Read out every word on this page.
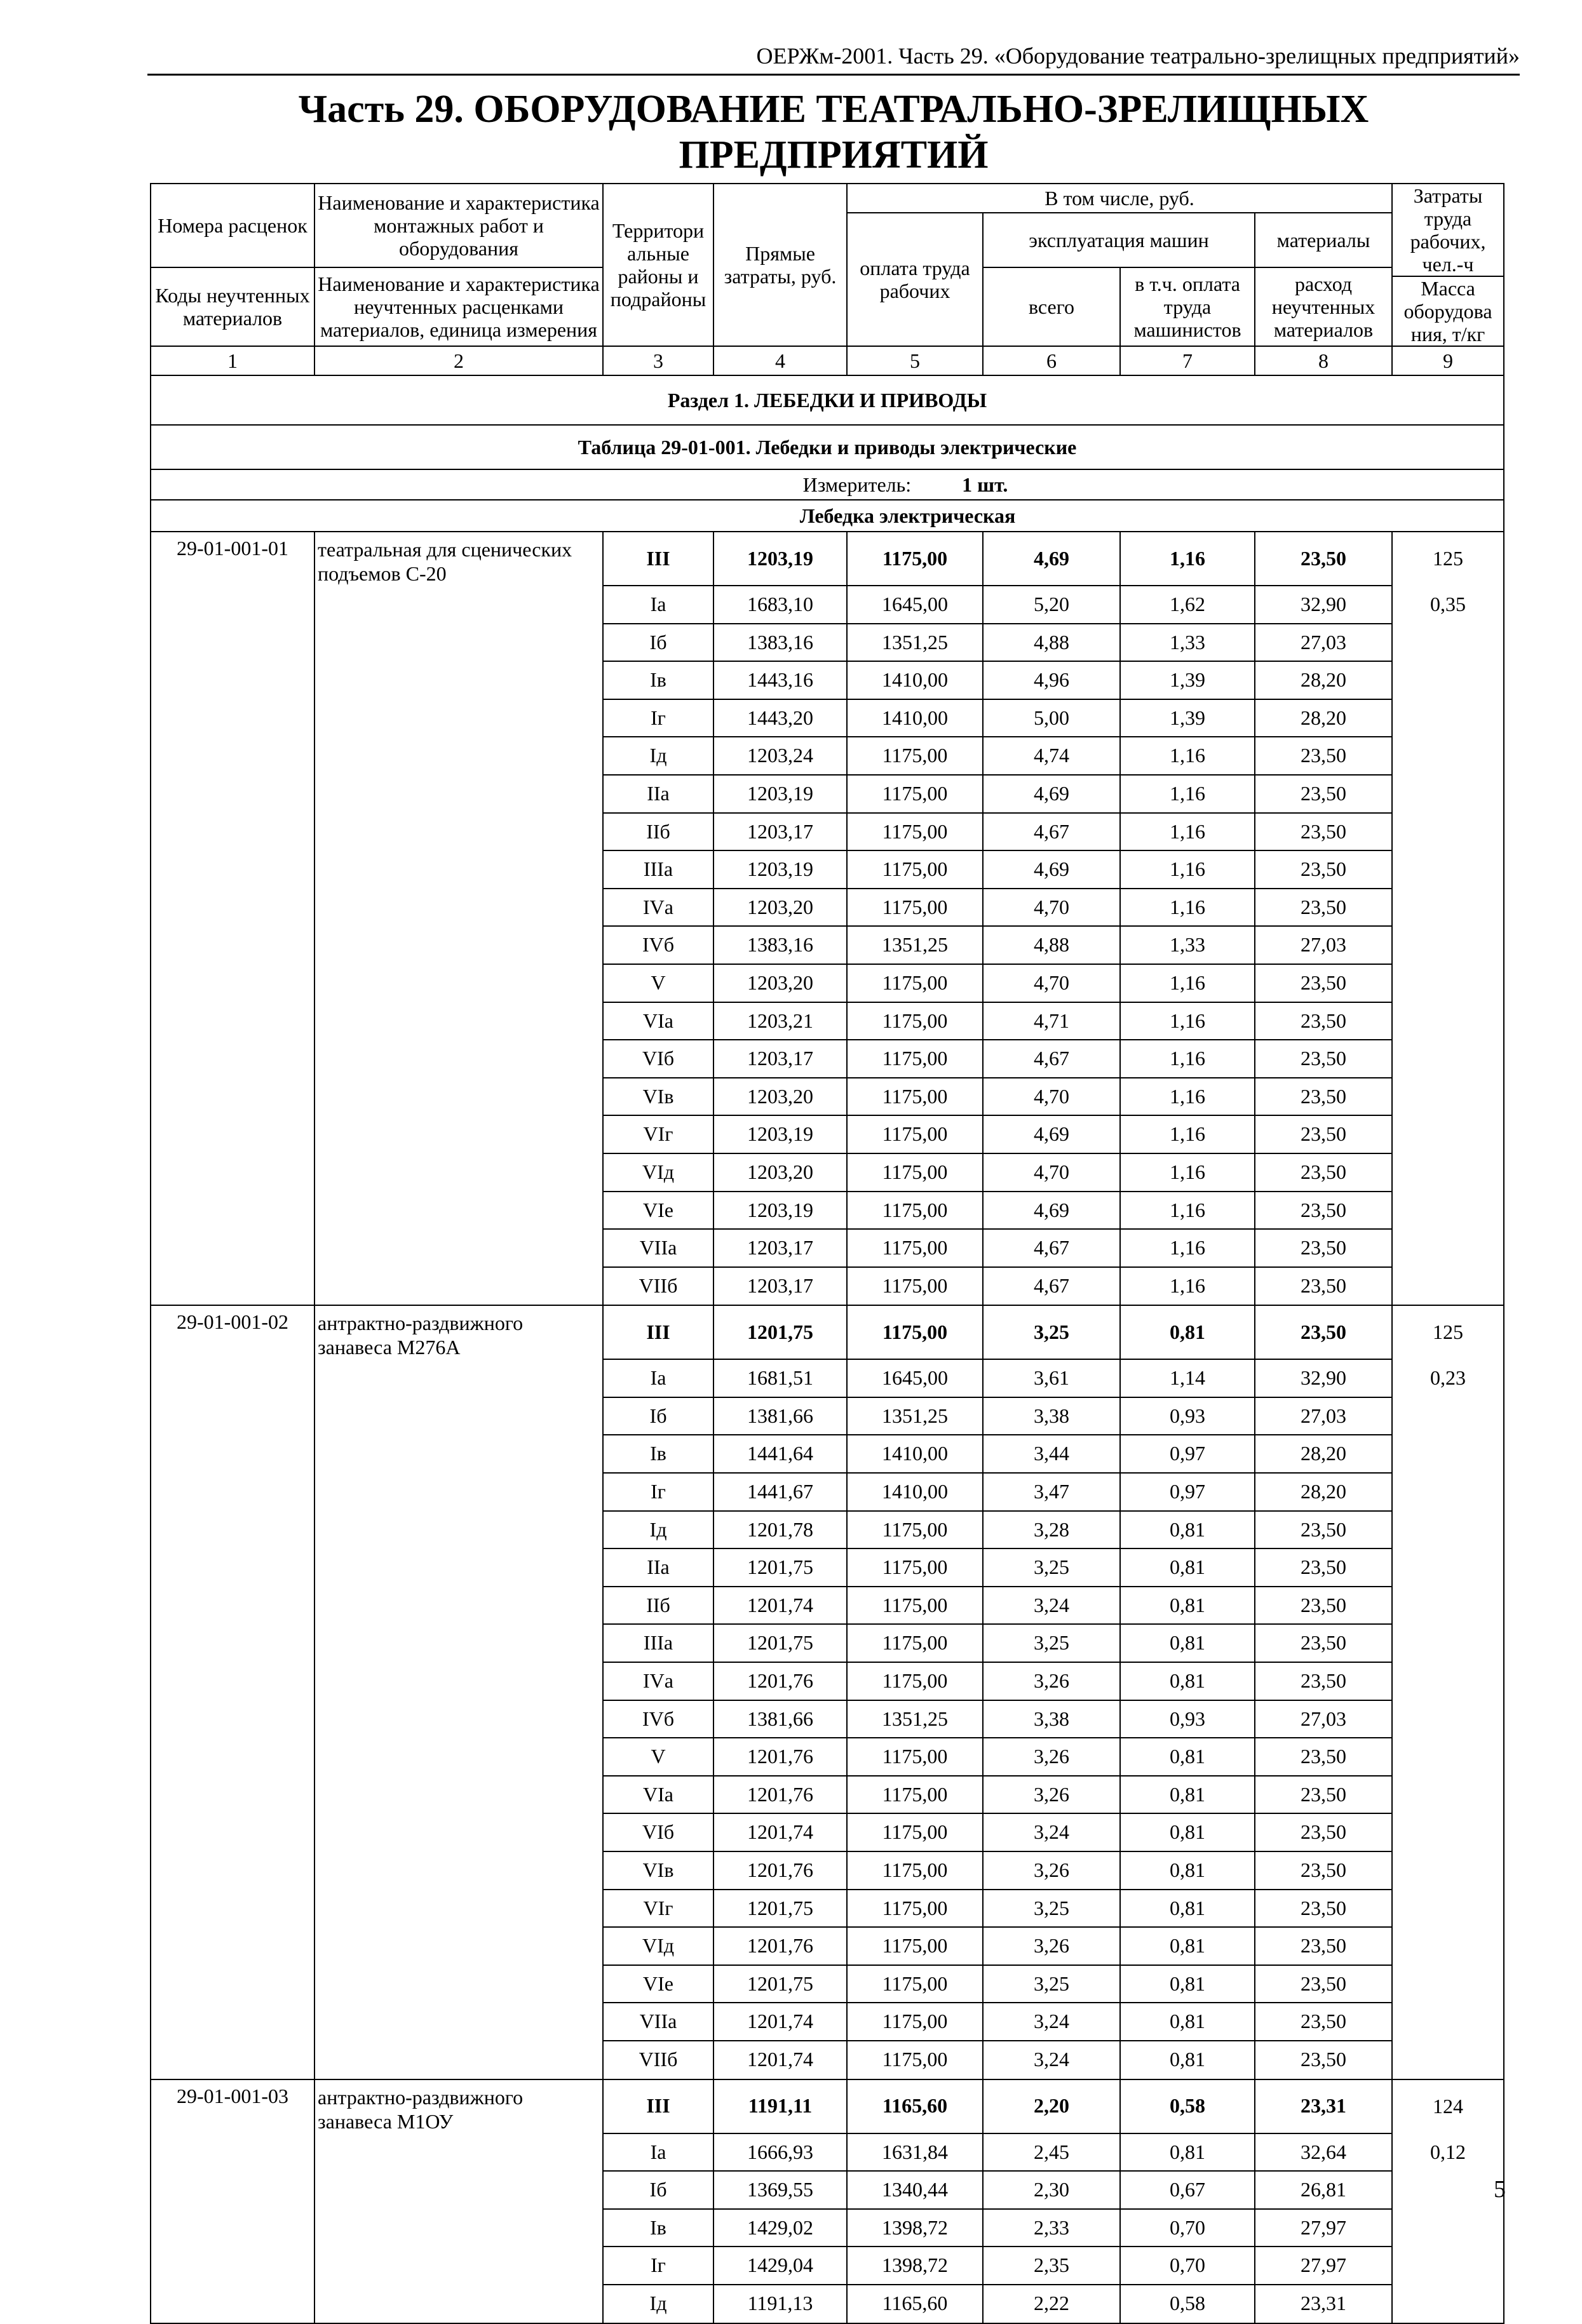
ОЕРЖм-2001. Часть 29. «Оборудование театрально-зрелищных предприятий»
Часть 29. ОБОРУДОВАНИЕ ТЕАТРАЛЬНО-ЗРЕЛИЩНЫХ
ПРЕДПРИЯТИЙ
Номера расценок	Наименование и характеристика монтажных работ и оборудования	Территори альные районы и подрайоны	Прямые затраты, руб.	В том числе, руб.				Затраты труда рабочих, чел.-ч
				оплата труда рабочих	эксплуатация машин		материалы	
Коды неучтенных материалов	Наименование и характеристика неучтенных расценками материалов, единица измерения				всего	в т.ч. оплата труда машинистов	расход неучтенных материалов	
								Масса оборудова ния, т/кг
1	2	3	4	5	6	7	8	9
Раздел 1. ЛЕБЕДКИ И ПРИВОДЫ								
Таблица 29-01-001. Лебедки и приводы электрические								
Измеритель: 1 шт.								
	Лебедка электрическая							
29-01-001-01	театральная для сценических подъемов С-20	III	1203,19	1175,00	4,69	1,16	23,50	125
		Iа	1683,10	1645,00	5,20	1,62	32,90	0,35
		Iб	1383,16	1351,25	4,88	1,33	27,03	
		Iв	1443,16	1410,00	4,96	1,39	28,20	
		Iг	1443,20	1410,00	5,00	1,39	28,20	
		Iд	1203,24	1175,00	4,74	1,16	23,50	
		IIа	1203,19	1175,00	4,69	1,16	23,50	
		IIб	1203,17	1175,00	4,67	1,16	23,50	
		IIIа	1203,19	1175,00	4,69	1,16	23,50	
		IVа	1203,20	1175,00	4,70	1,16	23,50	
		IVб	1383,16	1351,25	4,88	1,33	27,03	
		V	1203,20	1175,00	4,70	1,16	23,50	
		VIа	1203,21	1175,00	4,71	1,16	23,50	
		VIб	1203,17	1175,00	4,67	1,16	23,50	
		VIв	1203,20	1175,00	4,70	1,16	23,50	
		VIг	1203,19	1175,00	4,69	1,16	23,50	
		VIд	1203,20	1175,00	4,70	1,16	23,50	
		VIе	1203,19	1175,00	4,69	1,16	23,50	
		VIIа	1203,17	1175,00	4,67	1,16	23,50	
		VIIб	1203,17	1175,00	4,67	1,16	23,50	
29-01-001-02	антрактно-раздвижного занавеса М276А	III	1201,75	1175,00	3,25	0,81	23,50	125
		Iа	1681,51	1645,00	3,61	1,14	32,90	0,23
		Iб	1381,66	1351,25	3,38	0,93	27,03	
		Iв	1441,64	1410,00	3,44	0,97	28,20	
		Iг	1441,67	1410,00	3,47	0,97	28,20	
		Iд	1201,78	1175,00	3,28	0,81	23,50	
		IIа	1201,75	1175,00	3,25	0,81	23,50	
		IIб	1201,74	1175,00	3,24	0,81	23,50	
		IIIа	1201,75	1175,00	3,25	0,81	23,50	
		IVа	1201,76	1175,00	3,26	0,81	23,50	
		IVб	1381,66	1351,25	3,38	0,93	27,03	
		V	1201,76	1175,00	3,26	0,81	23,50	
		VIа	1201,76	1175,00	3,26	0,81	23,50	
		VIб	1201,74	1175,00	3,24	0,81	23,50	
		VIв	1201,76	1175,00	3,26	0,81	23,50	
		VIг	1201,75	1175,00	3,25	0,81	23,50	
		VIд	1201,76	1175,00	3,26	0,81	23,50	
		VIе	1201,75	1175,00	3,25	0,81	23,50	
		VIIа	1201,74	1175,00	3,24	0,81	23,50	
		VIIб	1201,74	1175,00	3,24	0,81	23,50	
29-01-001-03	антрактно-раздвижного занавеса М1ОУ	III	1191,11	1165,60	2,20	0,58	23,31	124
		Iа	1666,93	1631,84	2,45	0,81	32,64	0,12
		Iб	1369,55	1340,44	2,30	0,67	26,81	
		Iв	1429,02	1398,72	2,33	0,70	27,97	
		Iг	1429,04	1398,72	2,35	0,70	27,97	
		Iд	1191,13	1165,60	2,22	0,58	23,31	
5
